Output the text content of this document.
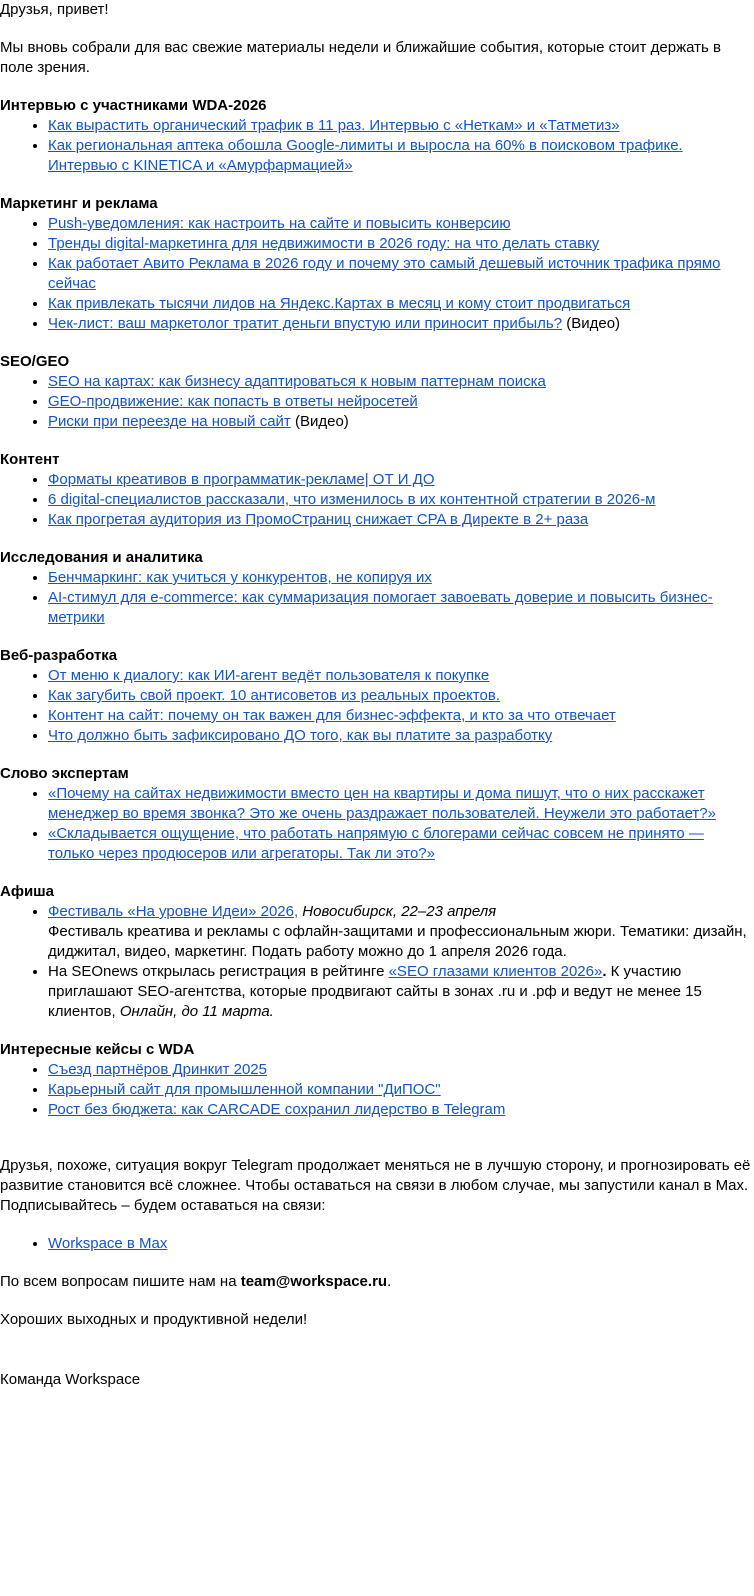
Друзья, привет!

Мы вновь собрали для вас свежие материалы недели и ближайшие события, которые стоит держать в поле зрения.

Интервью с участниками WDA-2026

• Как вырастить органический трафик в 11 раз. Интервью с «Неткам» и «Татметиз»
• Как региональная аптека обошла Google-лимиты и выросла на 60% в поисковом трафике. Интервью с KINETICA и «Амурфармацией»

Маркетинг и реклама

• Push-уведомления: как настроить на сайте и повысить конверсию
• Тренды digital-маркетинга для недвижимости в 2026 году: на что делать ставку
• Как работает Авито Реклама в 2026 году и почему это самый дешевый источник трафика прямо сейчас
• Как привлекать тысячи лидов на Яндекс.Картах в месяц и кому стоит продвигаться
• Чек-лист: ваш маркетолог тратит деньги впустую или приносит прибыль? (Видео)

SEO/GEO

• SEO на картах: как бизнесу адаптироваться к новым паттернам поиска
• GEO-продвижение: как попасть в ответы нейросетей
• Риски при переезде на новый сайт (Видео)

Контент

• Форматы креативов в программатик-рекламе| ОТ И ДО
• 6 digital-специалистов рассказали, что изменилось в их контентной стратегии в 2026-м
• Как прогретая аудитория из ПромоСтраниц снижает CPA в Директе в 2+ раза

Исследования и аналитика

• Бенчмаркинг: как учиться у конкурентов, не копируя их
• AI-стимул для e-commerce: как суммаризация помогает завоевать доверие и повысить бизнес-метрики

Веб-разработка

• От меню к диалогу: как ИИ-агент ведёт пользователя к покупке
• Как загубить свой проект. 10 антисоветов из реальных проектов.
• Контент на сайт: почему он так важен для бизнес-эффекта, и кто за что отвечает
• Что должно быть зафиксировано ДО того, как вы платите за разработку

Слово экспертам

• «Почему на сайтах недвижимости вместо цен на квартиры и дома пишут, что о них расскажет менеджер во время звонка? Это же очень раздражает пользователей. Неужели это работает?»
• «Складывается ощущение, что работать напрямую с блогерами сейчас совсем не принято — только через продюсеров или агрегаторы. Так ли это?»

Афиша

• Фестиваль «На уровне Идеи» 2026, Новосибирск, 22–23 апреля
Фестиваль креатива и рекламы с офлайн-защитами и профессиональным жюри. Тематики: дизайн, диджитал, видео, маркетинг. Подать работу можно до 1 апреля 2026 года.
• На SEOnews открылась регистрация в рейтинге «SEO глазами клиентов 2026». К участию приглашают SEO-агентства, которые продвигают сайты в зонах .ru и .рф и ведут не менее 15 клиентов, Онлайн, до 11 марта.

Интересные кейсы с WDA

• Съезд партнёров Дринкит 2025
• Карьерный сайт для промышленной компании "ДиПОС"
• Рост без бюджета: как CARCADE сохранил лидерство в Telegram

Друзья, похоже, ситуация вокруг Telegram продолжает меняться не в лучшую сторону, и прогнозировать её развитие становится всё сложнее. Чтобы оставаться на связи в любом случае, мы запустили канал в Max. Подписывайтесь – будем оставаться на связи:

• Workspace в Max

По всем вопросам пишите нам на team@workspace.ru.

Хороших выходных и продуктивной недели!

Команда Workspace
